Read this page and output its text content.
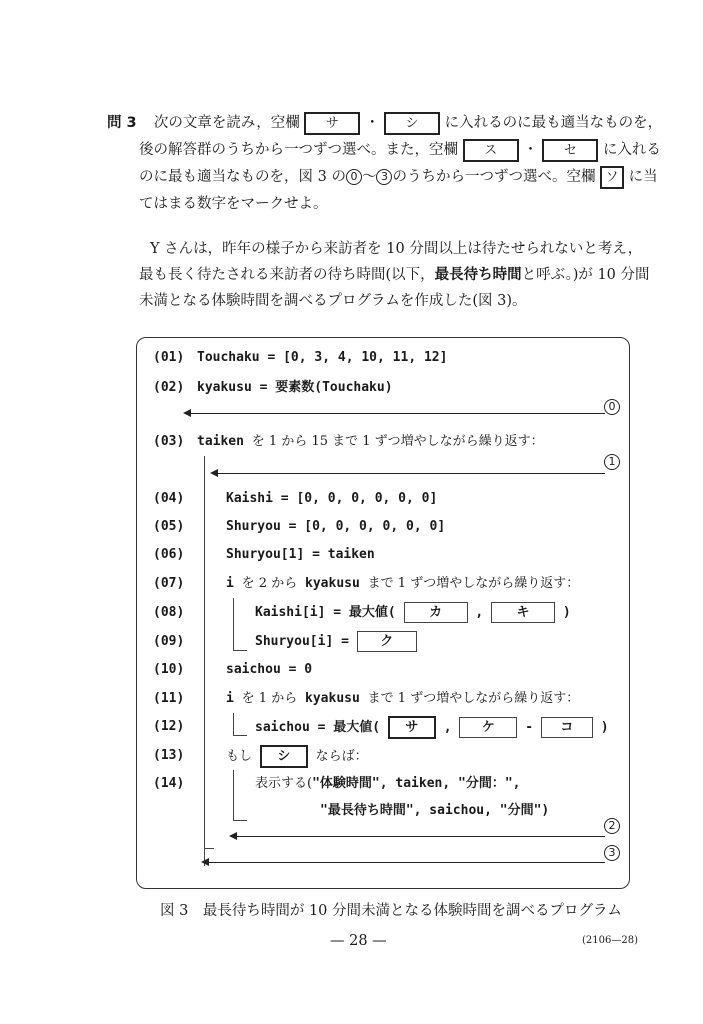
問 3 次の文章を読み，空欄 サ ・ シ に入れるのに最も適当なものを，
後の解答群のうちから一つずつ選べ。また，空欄 ス ・ セ に入れる
のに最も適当なものを，図 3 の 0 ～ 3 のうちから一つずつ選べ。空欄 ソ に当
てはまる数字をマークせよ。
Y さんは，昨年の様子から来訪者を 10 分間以上は待たせられないと考え，
最も長く待たされる来訪者の待ち時間(以下，最長待ち時間と呼ぶ。)が 10 分間
未満となる体験時間を調べるプログラムを作成した(図 3)。
(01) Touchaku = [0, 3, 4, 10, 11, 12]
(02) kyakusu = 要素数(Touchaku)
0
(03) taiken を 1 から 15 まで 1 ずつ増やしながら繰り返す：
1
(04)	Kaishi = [0, 0, 0, 0, 0, 0]
(05)	Shuryou = [0, 0, 0, 0, 0, 0]
(06)	Shuryou[1] = taiken
(07)	i を 2 から kyakusu まで 1 ずつ増やしながら繰り返す：
(08)	Kaishi[i] = 最大値(	カ	,	キ	)
(09)	Shuryou[i] = ク
(10)	saichou = 0
(11)	i を 1 から kyakusu まで 1 ずつ増やしながら繰り返す：
(12)	saichou = 最大値( サ , ケ - コ )
(13)	もし シ ならば：
(14)	表示する("体験時間", taiken, "分間：",
"最長待ち時間", saichou, "分間")
2
3
図 3　最長待ち時間が 10 分間未満となる体験時間を調べるプログラム
— 28 —	(2106—28)
